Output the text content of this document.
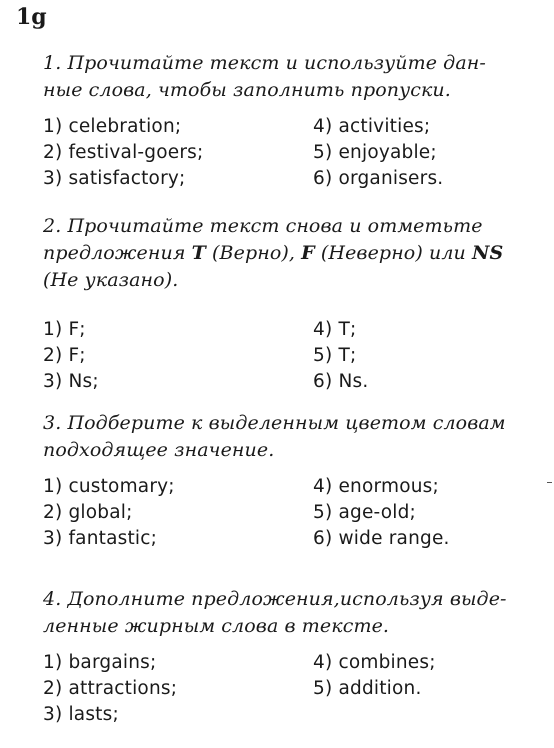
1g
1. Прочитайте текст и используйте дан-
ные слова, чтобы заполнить пропуски.
1) celebration;	4) activities;
2) festival-goers;	5) enjoyable;
3) satisfactory;	6) organisers.
2. Прочитайте текст снова и отметьте
предложения T (Верно), F (Неверно) или NS
(Не указано).
1) F;	4) T;
2) F;	5) T;
3) Ns;	6) Ns.
3. Подберите к выделенным цветом словам
подходящее значение.
1) customary;	4) enormous;
2) global;	5) age-old;
3) fantastic;	6) wide range.
4. Дополните предложения,используя выде-
ленные жирным слова в тексте.
1) bargains;	4) combines;
2) attractions;	5) addition.
3) lasts;
